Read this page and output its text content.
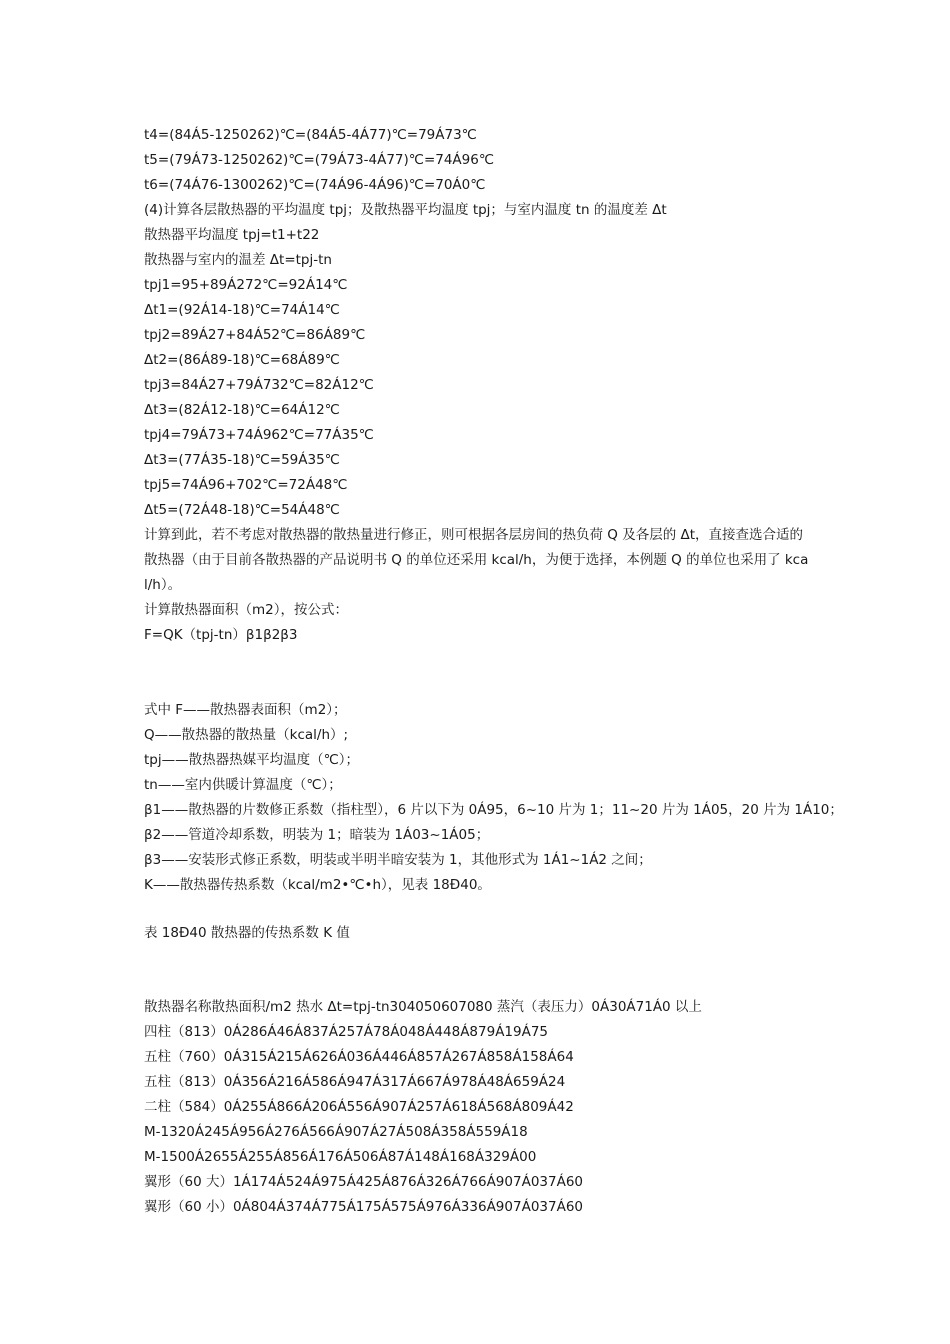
t4=(84Á5-1250262)℃=(84Á5-4Á77)℃=79Á73℃
t5=(79Á73-1250262)℃=(79Á73-4Á77)℃=74Á96℃
t6=(74Á76-1300262)℃=(74Á96-4Á96)℃=70Á0℃
(4)计算各层散热器的平均温度 tpj；及散热器平均温度 tpj；与室内温度 tn 的温度差 Δt
散热器平均温度 tpj=t1+t22
散热器与室内的温差 Δt=tpj-tn
tpj1=95+89Á272℃=92Á14℃
Δt1=(92Á14-18)℃=74Á14℃
tpj2=89Á27+84Á52℃=86Á89℃
Δt2=(86Á89-18)℃=68Á89℃
tpj3=84Á27+79Á732℃=82Á12℃
Δt3=(82Á12-18)℃=64Á12℃
tpj4=79Á73+74Á962℃=77Á35℃
Δt3=(77Á35-18)℃=59Á35℃
tpj5=74Á96+702℃=72Á48℃
Δt5=(72Á48-18)℃=54Á48℃
计算到此，若不考虑对散热器的散热量进行修正，则可根据各层房间的热负荷 Q 及各层的 Δt，直接查选合适的散热器（由于目前各散热器的产品说明书 Q 的单位还采用 kcal/h，为便于选择，本例题 Q 的单位也采用了 kcal/h）。
计算散热器面积（m2），按公式：
F=QK（tpj-tn）β1β2β3
式中 F——散热器表面积（m2）；
Q——散热器的散热量（kcal/h）;
tpj——散热器热媒平均温度（℃）；
tn——室内供暖计算温度（℃）；
β1——散热器的片数修正系数（指柱型），6 片以下为 0Á95，6~10 片为 1；11~20 片为 1Á05，20 片为 1Á10；
β2——管道冷却系数，明装为 1；暗装为 1Á03~1Á05；
β3——安装形式修正系数，明装或半明半暗安装为 1，其他形式为 1Á1~1Á2 之间；
K——散热器传热系数（kcal/m2•℃•h），见表 18Đ40。
表 18Đ40 散热器的传热系数 K 值
散热器名称散热面积/m2 热水 Δt=tpj-tn304050607080 蒸汽（表压力）0Á30Á71Á0 以上
四柱（813）0Á286Á46Á837Á257Á78Á048Á448Á879Á19Á75
五柱（760）0Á315Á215Á626Á036Á446Á857Á267Á858Á158Á64
五柱（813）0Á356Á216Á586Á947Á317Á667Á978Á48Á659Á24
二柱（584）0Á255Á866Á206Á556Á907Á257Á618Á568Á809Á42
M-1320Á245Á956Á276Á566Á907Á27Á508Á358Á559Á18
M-1500Á2655Á255Á856Á176Á506Á87Á148Á168Á329Á00
翼形（60 大）1Á174Á524Á975Á425Á876Á326Á766Á907Á037Á60
翼形（60 小）0Á804Á374Á775Á175Á575Á976Á336Á907Á037Á60
